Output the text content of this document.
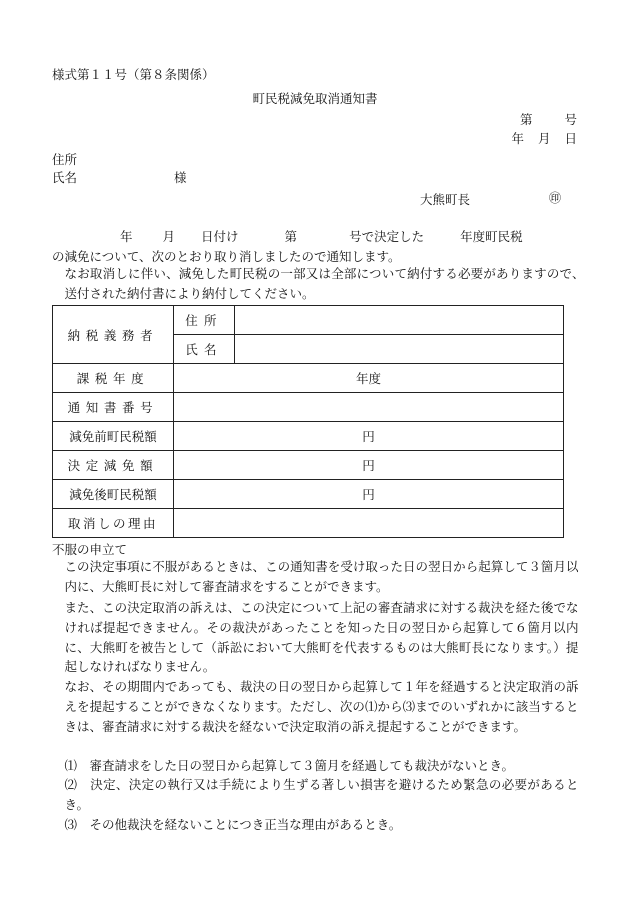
様式第１１号（第８条関係）
町民税減免取消通知書
第	号
年 月 日
住所
氏名	様
大熊町長	㊞
年 月 日付け	第	号で決定した	年度町民税
の減免について、次のとおり取り消しましたので通知します。
なお取消しに伴い、減免した町民税の一部又は全部について納付する必要がありますので、送付された納付書により納付してください。
納税義務者	住所	
	氏名	
課税年度	年度	
通知書番号		
減免前町民税額	円	
決定減免額	円	
減免後町民税額	円	
取消しの理由		
不服の申立て
この決定事項に不服があるときは、この通知書を受け取った日の翌日から起算して３箇月以内に、大熊町長に対して審査請求をすることができます。
また、この決定取消の訴えは、この決定について上記の審査請求に対する裁決を経た後でなければ提起できません。その裁決があったことを知った日の翌日から起算して６箇月以内に、大熊町を被告として（訴訟において大熊町を代表するものは大熊町長になります。）提起しなければなりません。
なお、その期間内であっても、裁決の日の翌日から起算して１年を経過すると決定取消の訴えを提起することができなくなります。ただし、次の⑴から⑶までのいずれかに該当するときは、審査請求に対する裁決を経ないで決定取消の訴え提起することができます。
⑴　審査請求をした日の翌日から起算して３箇月を経過しても裁決がないとき。
⑵　決定、決定の執行又は手続により生ずる著しい損害を避けるため緊急の必要があるとき。
⑶　その他裁決を経ないことにつき正当な理由があるとき。
